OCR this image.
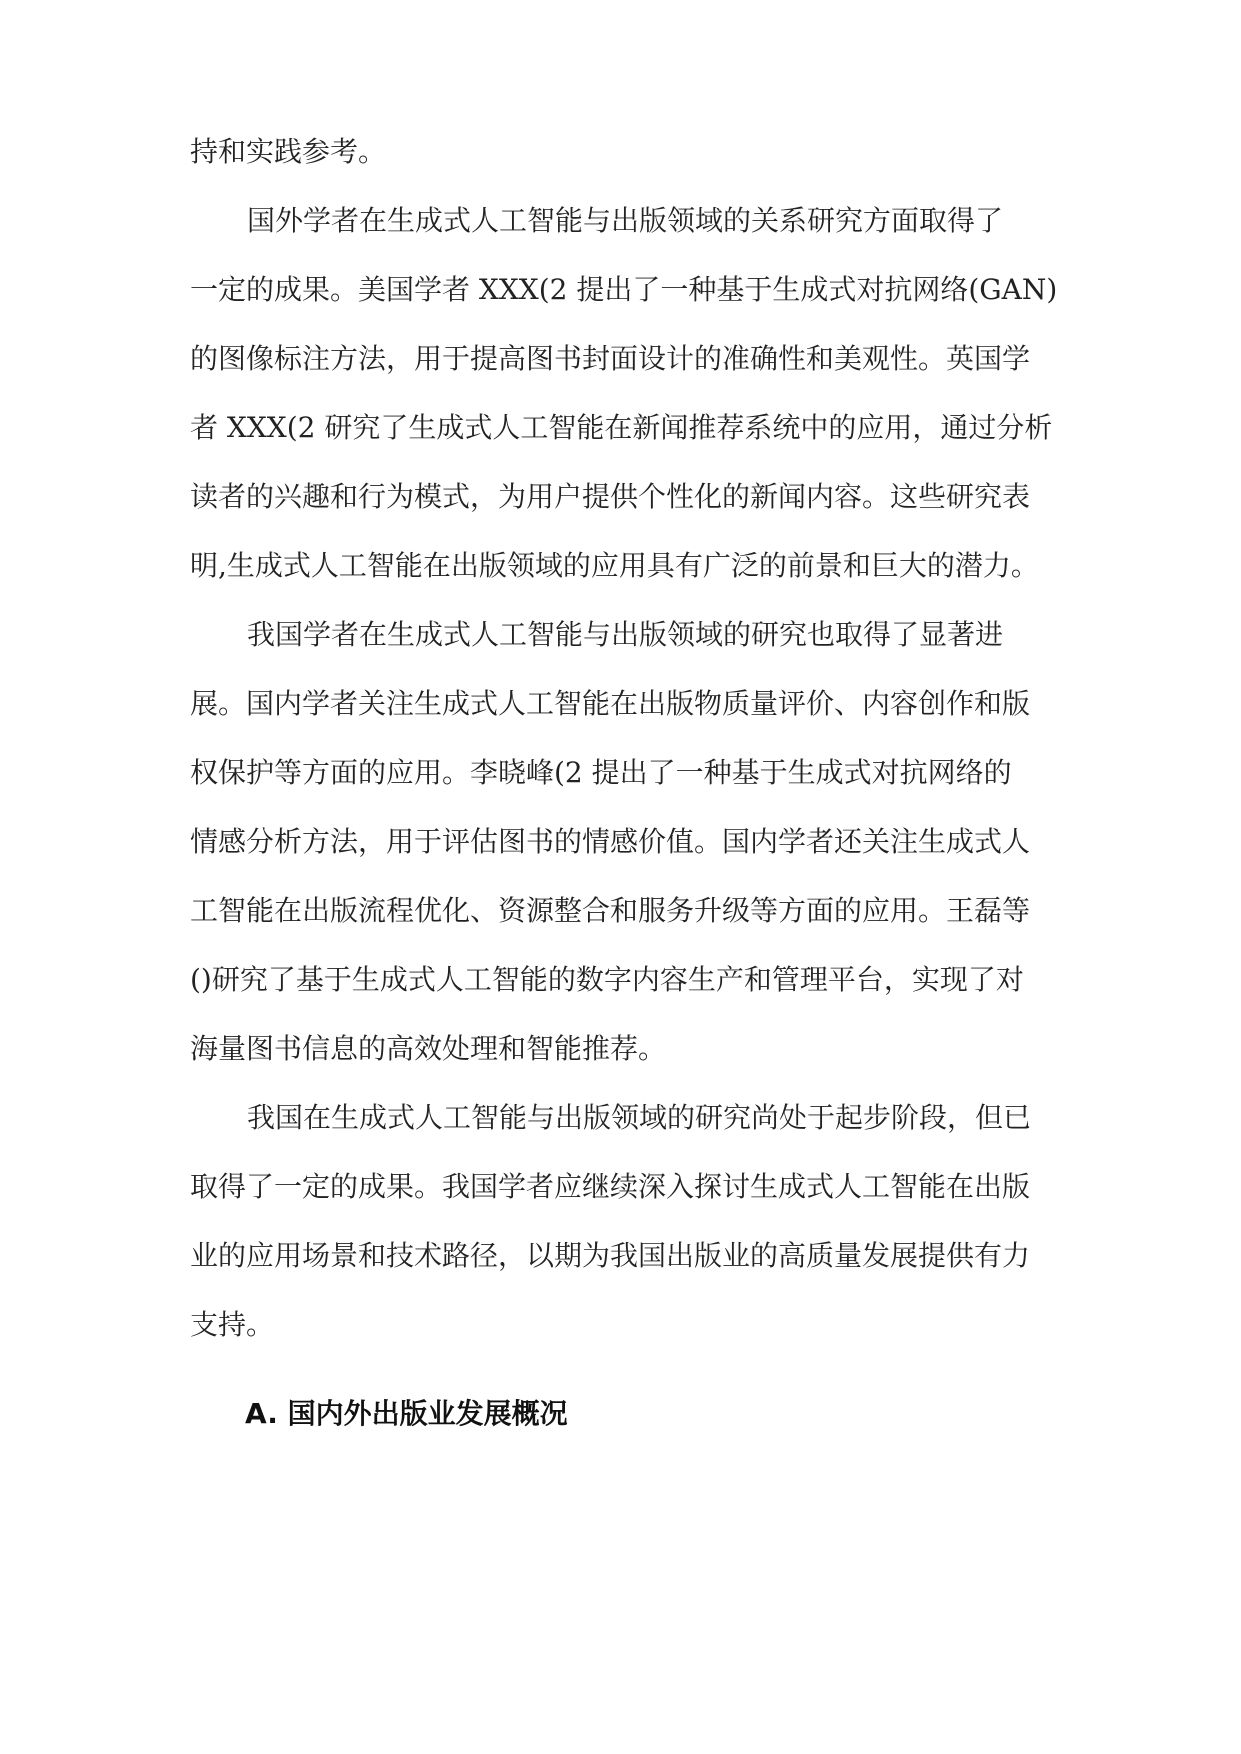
持和实践参考。
国外学者在生成式人工智能与出版领域的关系研究方面取得了
一定的成果。美国学者 XXX(2 提出了一种基于生成式对抗网络(GAN)
的图像标注方法，用于提高图书封面设计的准确性和美观性。英国学
者 XXX(2 研究了生成式人工智能在新闻推荐系统中的应用，通过分析
读者的兴趣和行为模式，为用户提供个性化的新闻内容。这些研究表
明,生成式人工智能在出版领域的应用具有广泛的前景和巨大的潜力。
我国学者在生成式人工智能与出版领域的研究也取得了显著进
展。国内学者关注生成式人工智能在出版物质量评价、内容创作和版
权保护等方面的应用。李晓峰(2 提出了一种基于生成式对抗网络的
情感分析方法，用于评估图书的情感价值。国内学者还关注生成式人
工智能在出版流程优化、资源整合和服务升级等方面的应用。王磊等
()研究了基于生成式人工智能的数字内容生产和管理平台，实现了对
海量图书信息的高效处理和智能推荐。
我国在生成式人工智能与出版领域的研究尚处于起步阶段，但已
取得了一定的成果。我国学者应继续深入探讨生成式人工智能在出版
业的应用场景和技术路径，以期为我国出版业的高质量发展提供有力
支持。
A. 国内外出版业发展概况
